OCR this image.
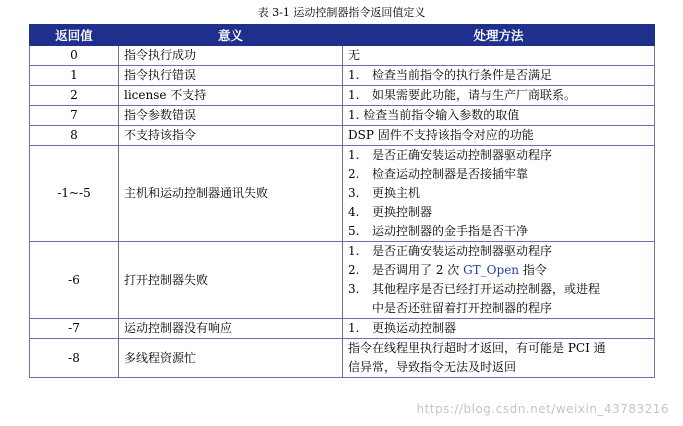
表 3-1 运动控制器指令返回值定义
返回值	意义	处理方法
0	指令执行成功	无
1	指令执行错误	1. 检查当前指令的执行条件是否满足

2	license 不支持	1. 如果需要此功能，请与生产厂商联系。

7	指令参数错误	1. 检查当前指令输入参数的取值
8	不支持该指令	DSP 固件不支持该指令对应的功能
-1~-5	主机和运动控制器通讯失败	1. 是否正确安装运动控制器驱动程序
2. 检查运动控制器是否接插牢靠
3. 更换主机
4. 更换控制器
5. 运动控制器的金手指是否干净

-6	打开控制器失败	1. 是否正确安装运动控制器驱动程序
2. 是否调用了 2 次 GT_Open 指令
3. 其他程序是否已经打开运动控制器，或进程
中是否还驻留着打开控制器的程序

-7	运动控制器没有响应	1. 更换运动控制器

-8	多线程资源忙	指令在线程里执行超时才返回，有可能是 PCI 通
信异常，导致指令无法及时返回
https://blog.csdn.net/weixin_43783216
